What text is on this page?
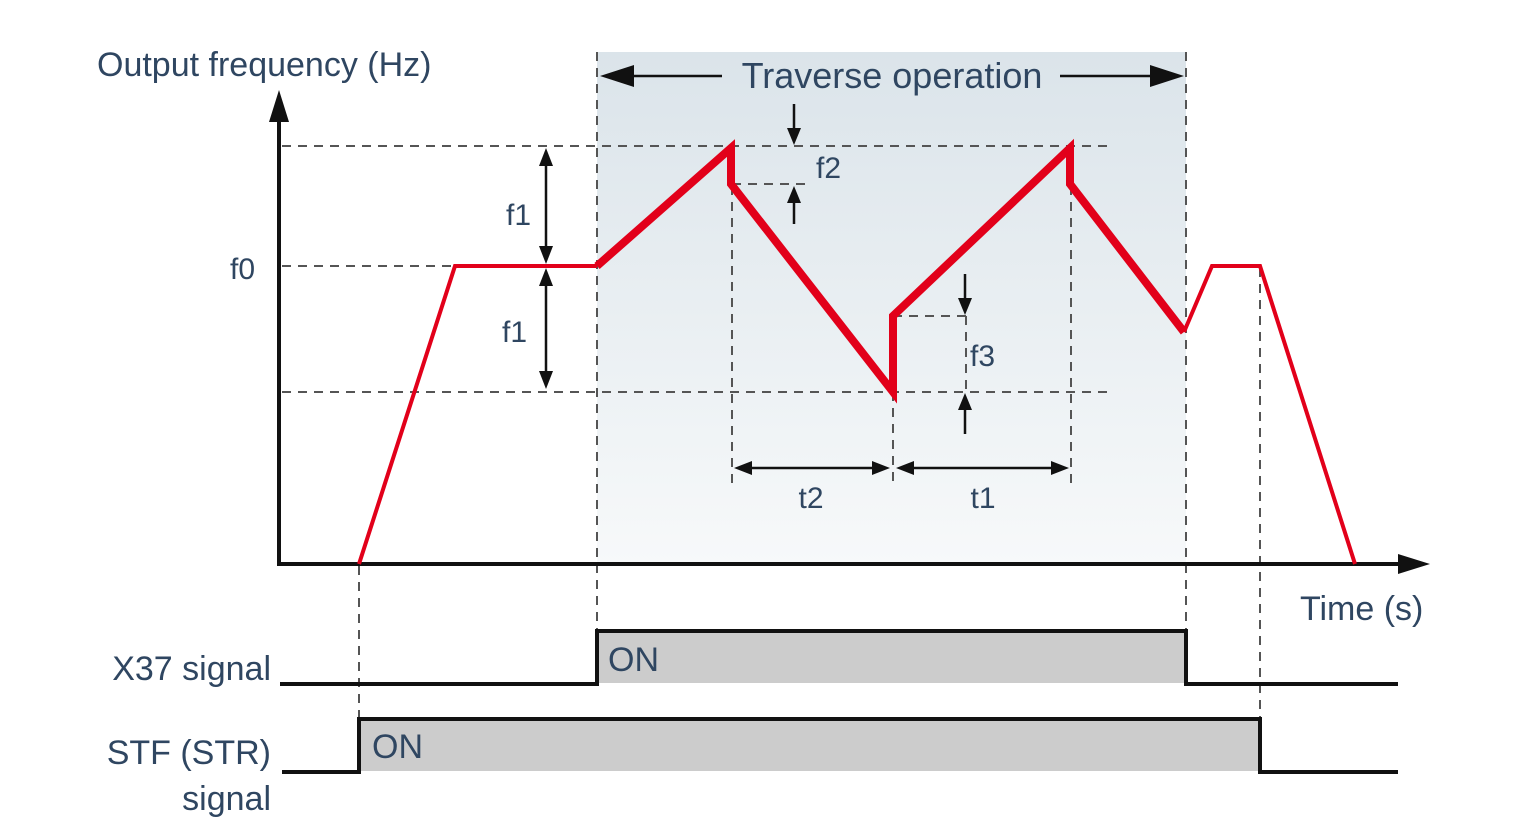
Output frequency (Hz)
Time (s)
Traverse operation
f0
f1
f1
f2
f3
t2	t1
X37 signal	ON
STF (STR)
signal
ON
